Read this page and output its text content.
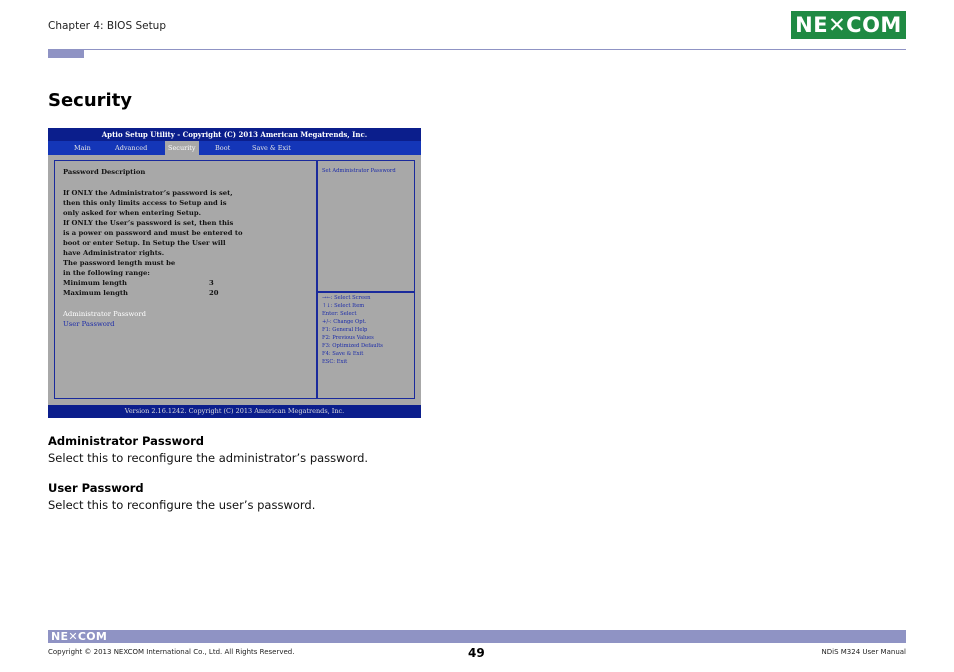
Chapter 4: BIOS Setup	NE✕COM
Security
Aptio Setup Utility - Copyright (C) 2013 American Megatrends, Inc.
Main	Advanced	Security	Boot	Save & Exit
Password Description
If ONLY the Administrator’s password is set,
then this only limits access to Setup and is
only asked for when entering Setup.
If ONLY the User’s password is set, then this
is a power on password and must be entered to
boot or enter Setup. In Setup the User will
have Administrator rights.
The password length must be
in the following range:
Minimum length	3
Maximum length	20
Administrator Password
User Password
Set Administrator Password
→←: Select Screen
↑↓: Select Item
Enter: Select
+/-: Change Opt.
F1: General Help
F2: Previous Values
F3: Optimized Defaults
F4: Save & Exit
ESC: Exit
Version 2.16.1242. Copyright (C) 2013 American Megatrends, Inc.
Administrator Password
Select this to reconfigure the administrator’s password.
User Password
Select this to reconfigure the user’s password.
NE✕COM
Copyright © 2013 NEXCOM International Co., Ltd. All Rights Reserved.	49	NDiS M324 User Manual
